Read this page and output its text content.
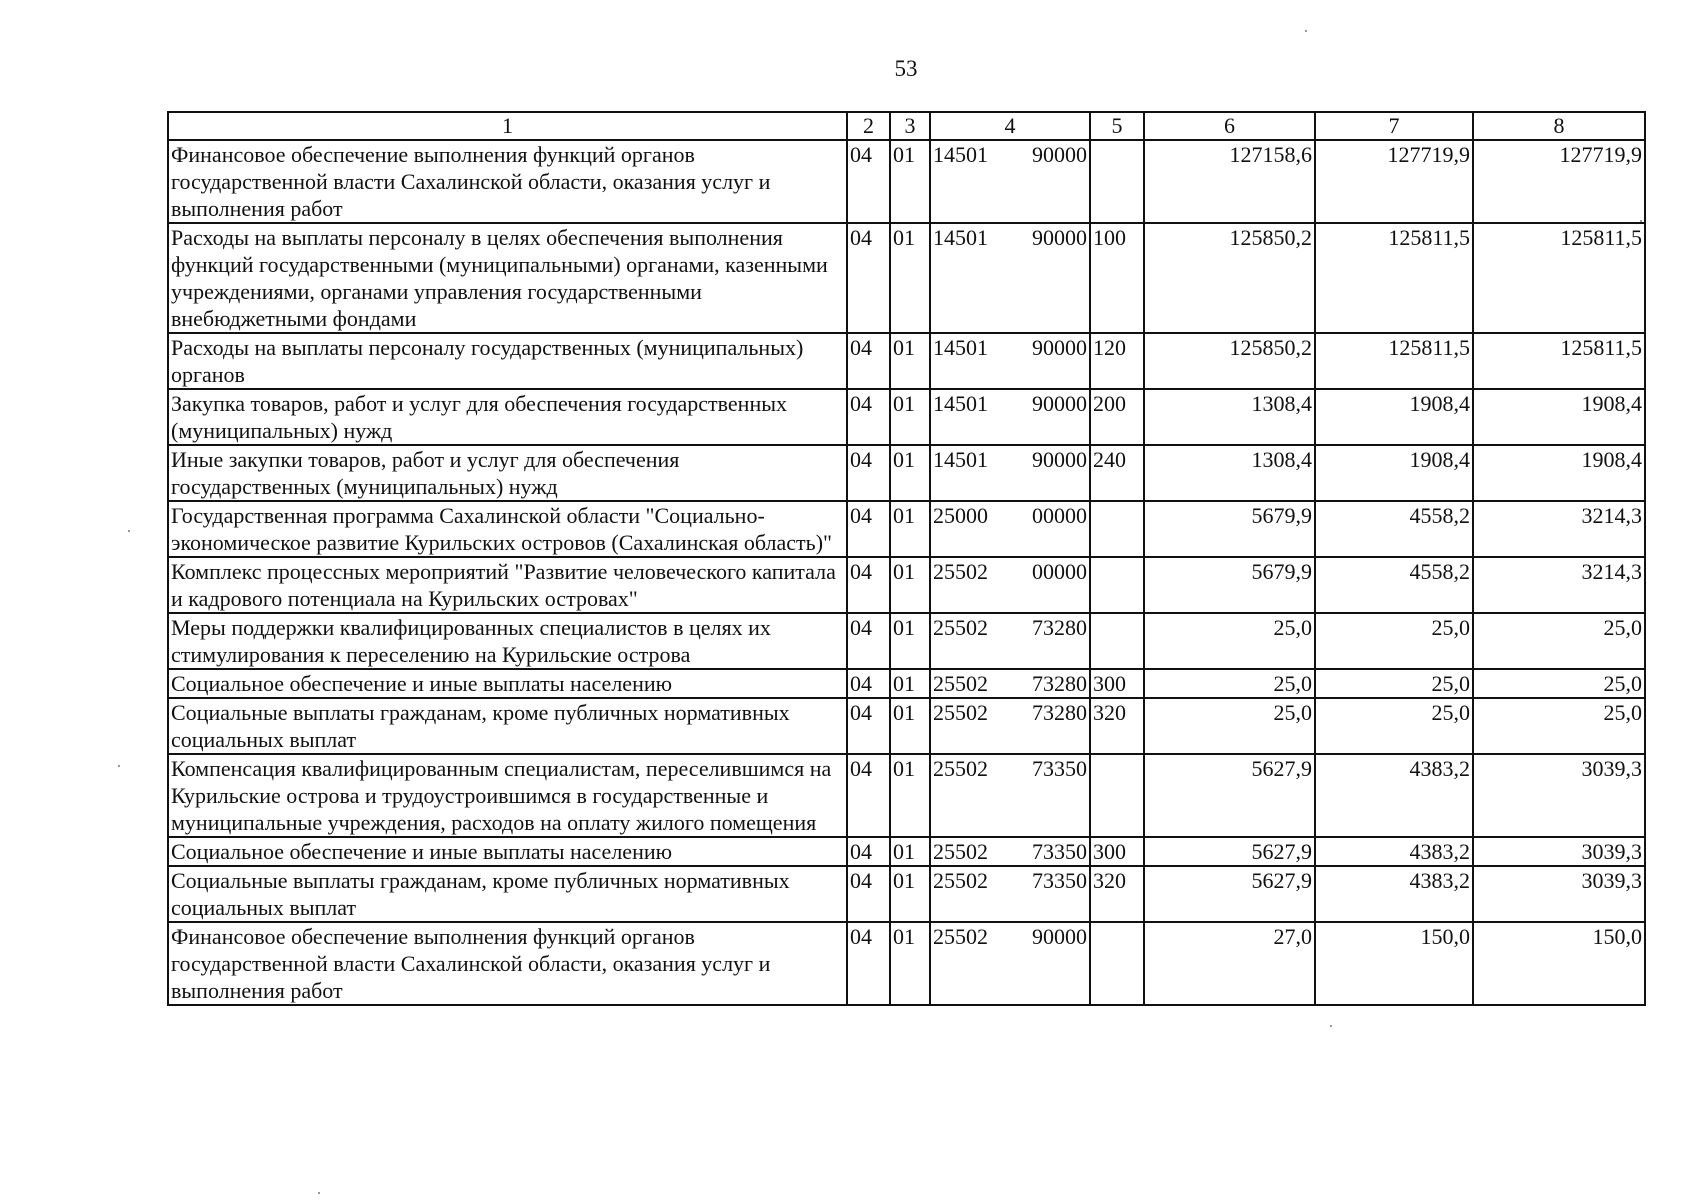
53
1	2	3	4	5	6	7	8
Финансовое обеспечение выполнения функций органов государственной власти Сахалинской области, оказания услуг и выполнения работ	04	01	14501 90000		127158,6	127719,9	127719,9
Расходы на выплаты персоналу в целях обеспечения выполнения функций государственными (муниципальными) органами, казенными учреждениями, органами управления государственными внебюджетными фондами	04	01	14501 90000	100	125850,2	125811,5	125811,5
Расходы на выплаты персоналу государственных (муниципальных) органов	04	01	14501 90000	120	125850,2	125811,5	125811,5
Закупка товаров, работ и услуг для обеспечения государственных (муниципальных) нужд	04	01	14501 90000	200	1308,4	1908,4	1908,4
Иные закупки товаров, работ и услуг для обеспечения государственных (муниципальных) нужд	04	01	14501 90000	240	1308,4	1908,4	1908,4
Государственная программа Сахалинской области "Социально-экономическое развитие Курильских островов (Сахалинская область)"	04	01	25000 00000		5679,9	4558,2	3214,3
Комплекс процессных мероприятий "Развитие человеческого капитала и кадрового потенциала на Курильских островах"	04	01	25502 00000		5679,9	4558,2	3214,3
Меры поддержки квалифицированных специалистов в целях их стимулирования к переселению на Курильские острова	04	01	25502 73280		25,0	25,0	25,0
Социальное обеспечение и иные выплаты населению	04	01	25502 73280	300	25,0	25,0	25,0
Социальные выплаты гражданам, кроме публичных нормативных социальных выплат	04	01	25502 73280	320	25,0	25,0	25,0
Компенсация квалифицированным специалистам, переселившимся на Курильские острова и трудоустроившимся в государственные и муниципальные учреждения, расходов на оплату жилого помещения	04	01	25502 73350		5627,9	4383,2	3039,3
Социальное обеспечение и иные выплаты населению	04	01	25502 73350	300	5627,9	4383,2	3039,3
Социальные выплаты гражданам, кроме публичных нормативных социальных выплат	04	01	25502 73350	320	5627,9	4383,2	3039,3
Финансовое обеспечение выполнения функций органов государственной власти Сахалинской области, оказания услуг и выполнения работ	04	01	25502 90000		27,0	150,0	150,0
